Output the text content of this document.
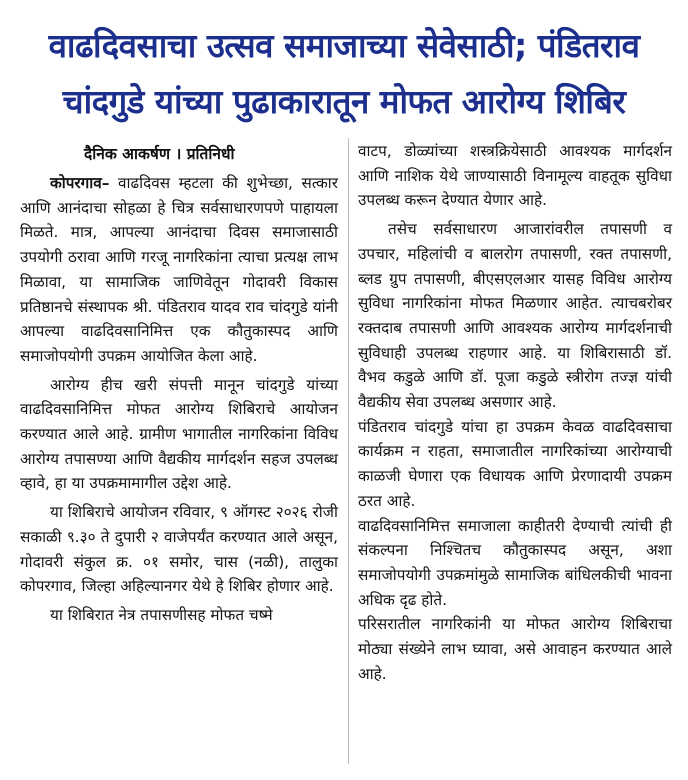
वाढदिवसाचा उत्सव समाजाच्या सेवेसाठी; पंडितराव
चांदगुडे यांच्या पुढाकारातून मोफत आरोग्य शिबिर
दैनिक आकर्षण । प्रतिनिधी

कोपरगाव– वाढदिवस म्हटला की शुभेच्छा, सत्कार आणि आनंदाचा सोहळा हे चित्र सर्वसाधारणपणे पाहायला मिळते. मात्र, आपल्या आनंदाचा दिवस समाजासाठी उपयोगी ठरावा आणि गरजू नागरिकांना त्याचा प्रत्यक्ष लाभ मिळावा, या सामाजिक जाणिवेतून गोदावरी विकास प्रतिष्ठानचे संस्थापक श्री. पंडितराव यादव राव चांदगुडे यांनी आपल्या वाढदिवसानिमित्त एक कौतुकास्पद आणि समाजोपयोगी उपक्रम आयोजित केला आहे.

आरोग्य हीच खरी संपत्ती मानून चांदगुडे यांच्या वाढदिवसानिमित्त मोफत आरोग्य शिबिराचे आयोजन करण्यात आले आहे. ग्रामीण भागातील नागरिकांना विविध आरोग्य तपासण्या आणि वैद्यकीय मार्गदर्शन सहज उपलब्ध व्हावे, हा या उपक्रमामागील उद्देश आहे.

या शिबिराचे आयोजन रविवार, ९ ऑगस्ट २०२६ रोजी सकाळी ९.३० ते दुपारी २ वाजेपर्यंत करण्यात आले असून, गोदावरी संकुल क्र. ०१ समोर, चास (नळी), तालुका कोपरगाव, जिल्हा अहिल्यानगर येथे हे शिबिर होणार आहे.

या शिबिरात नेत्र तपासणीसह मोफत चष्मे

वाटप, डोळ्यांच्या शस्त्रक्रियेसाठी आवश्यक मार्गदर्शन आणि नाशिक येथे जाण्यासाठी विनामूल्य वाहतूक सुविधा उपलब्ध करून देण्यात येणार आहे.

तसेच सर्वसाधारण आजारांवरील तपासणी व उपचार, महिलांची व बालरोग तपासणी, रक्त तपासणी, ब्लड ग्रुप तपासणी, बीएसएलआर यासह विविध आरोग्य सुविधा नागरिकांना मोफत मिळणार आहेत. त्याचबरोबर रक्तदाब तपासणी आणि आवश्यक आरोग्य मार्गदर्शनाची सुविधाही उपलब्ध राहणार आहे. या शिबिरासाठी डॉ. वैभव कडुळे आणि डॉ. पूजा कडुळे स्त्रीरोग तज्ज्ञ यांची वैद्यकीय सेवा उपलब्ध असणार आहे.

पंडितराव चांदगुडे यांचा हा उपक्रम केवळ वाढदिवसाचा कार्यक्रम न राहता, समाजातील नागरिकांच्या आरोग्याची काळजी घेणारा एक विधायक आणि प्रेरणादायी उपक्रम ठरत आहे.

वाढदिवसानिमित्त समाजाला काहीतरी देण्याची त्यांची ही संकल्पना निश्चितच कौतुकास्पद असून, अशा समाजोपयोगी उपक्रमांमुळे सामाजिक बांधिलकीची भावना अधिक दृढ होते.

परिसरातील नागरिकांनी या मोफत आरोग्य शिबिराचा मोठ्या संख्येने लाभ घ्यावा, असे आवाहन करण्यात आले आहे.
